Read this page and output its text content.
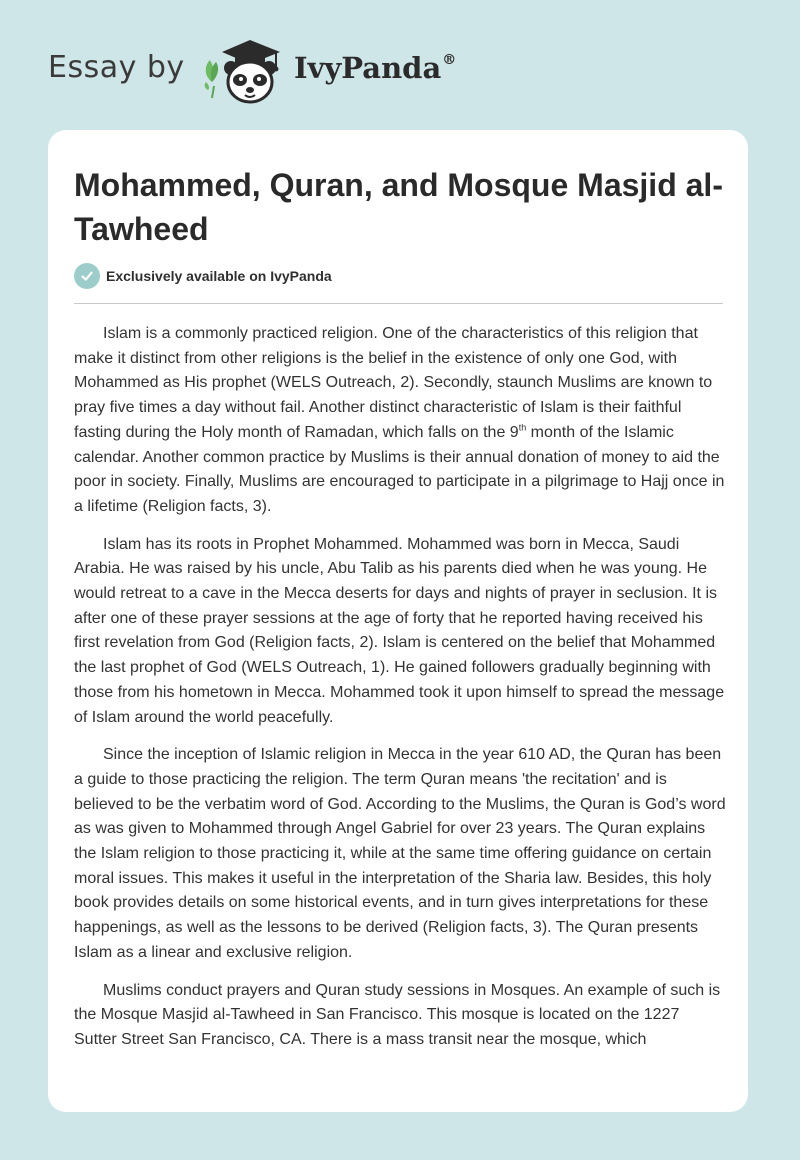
Essay by	IvyPanda®
Mohammed, Quran, and Mosque Masjid al-Tawheed
Exclusively available on IvyPanda

Islam is a commonly practiced religion. One of the characteristics of this religion that make it distinct from other religions is the belief in the existence of only one God, with Mohammed as His prophet (WELS Outreach, 2). Secondly, staunch Muslims are known to pray five times a day without fail. Another distinct characteristic of Islam is their faithful fasting during the Holy month of Ramadan, which falls on the 9th month of the Islamic calendar. Another common practice by Muslims is their annual donation of money to aid the poor in society. Finally, Muslims are encouraged to participate in a pilgrimage to Hajj once in a lifetime (Religion facts, 3).

Islam has its roots in Prophet Mohammed. Mohammed was born in Mecca, Saudi Arabia. He was raised by his uncle, Abu Talib as his parents died when he was young. He would retreat to a cave in the Mecca deserts for days and nights of prayer in seclusion. It is after one of these prayer sessions at the age of forty that he reported having received his first revelation from God (Religion facts, 2). Islam is centered on the belief that Mohammed the last prophet of God (WELS Outreach, 1). He gained followers gradually beginning with those from his hometown in Mecca. Mohammed took it upon himself to spread the message of Islam around the world peacefully.

Since the inception of Islamic religion in Mecca in the year 610 AD, the Quran has been a guide to those practicing the religion. The term Quran means 'the recitation' and is believed to be the verbatim word of God. According to the Muslims, the Quran is God’s word as was given to Mohammed through Angel Gabriel for over 23 years. The Quran explains the Islam religion to those practicing it, while at the same time offering guidance on certain moral issues. This makes it useful in the interpretation of the Sharia law. Besides, this holy book provides details on some historical events, and in turn gives interpretations for these happenings, as well as the lessons to be derived (Religion facts, 3). The Quran presents Islam as a linear and exclusive religion.

Muslims conduct prayers and Quran study sessions in Mosques. An example of such is the Mosque Masjid al-Tawheed in San Francisco. This mosque is located on the 1227 Sutter Street San Francisco, CA. There is a mass transit near the mosque, which
